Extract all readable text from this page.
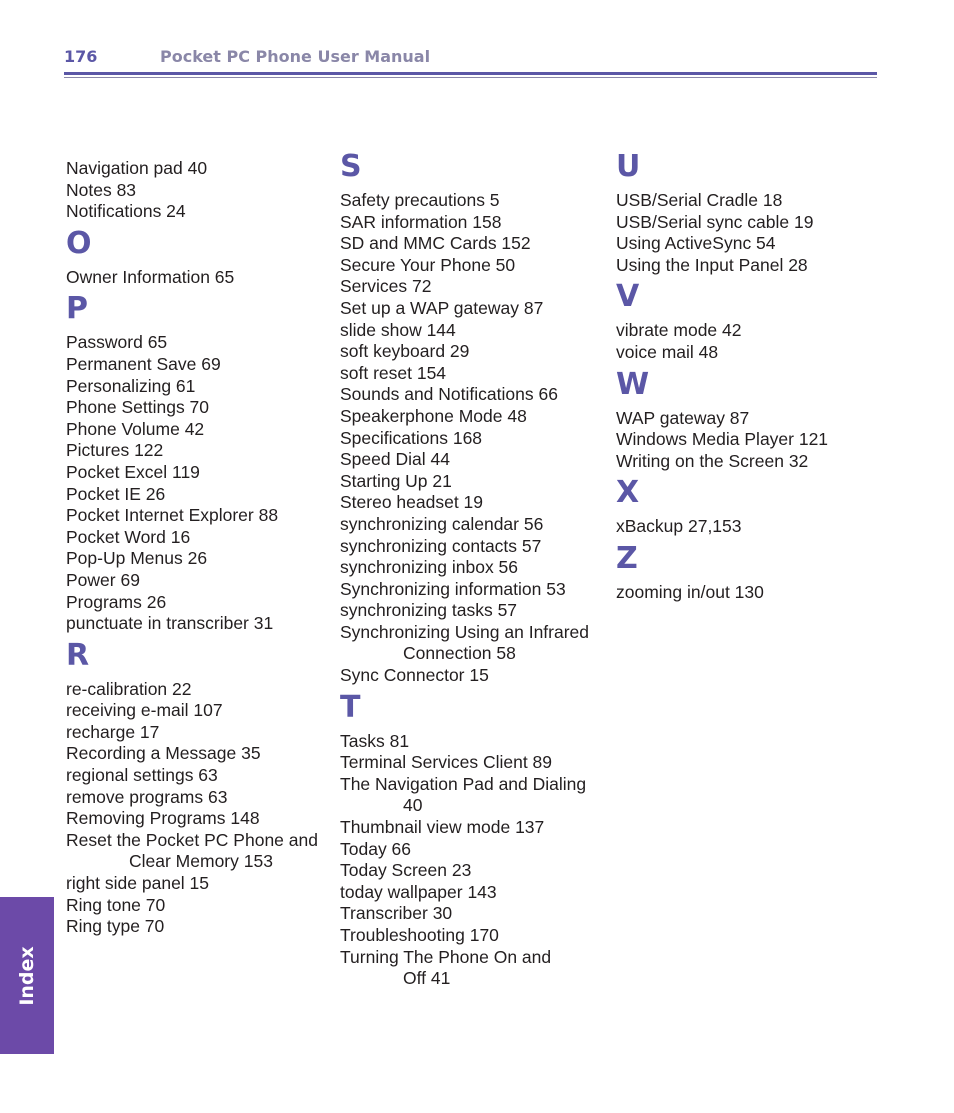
176	Pocket PC Phone User Manual
Navigation pad 40
Notes 83
Notifications 24
O
Owner Information 65
P
Password 65
Permanent Save 69
Personalizing 61
Phone Settings 70
Phone Volume 42
Pictures 122
Pocket Excel 119
Pocket IE 26
Pocket Internet Explorer 88
Pocket Word 16
Pop-Up Menus 26
Power 69
Programs 26
punctuate in transcriber 31
R
re-calibration 22
receiving e-mail 107
recharge 17
Recording a Message 35
regional settings 63
remove programs 63
Removing Programs 148
Reset the Pocket PC Phone and
Clear Memory 153
right side panel 15
Ring tone 70
Ring type 70
S
Safety precautions 5
SAR information 158
SD and MMC Cards 152
Secure Your Phone 50
Services 72
Set up a WAP gateway 87
slide show 144
soft keyboard 29
soft reset 154
Sounds and Notifications 66
Speakerphone Mode 48
Specifications 168
Speed Dial 44
Starting Up 21
Stereo headset 19
synchronizing calendar 56
synchronizing contacts 57
synchronizing inbox 56
Synchronizing information 53
synchronizing tasks 57
Synchronizing Using an Infrared
Connection 58
Sync Connector 15
T
Tasks 81
Terminal Services Client 89
The Navigation Pad and Dialing
40
Thumbnail view mode 137
Today 66
Today Screen 23
today wallpaper 143
Transcriber 30
Troubleshooting 170
Turning The Phone On and
Off 41
U
USB/Serial Cradle 18
USB/Serial sync cable 19
Using ActiveSync 54
Using the Input Panel 28
V
vibrate mode 42
voice mail 48
W
WAP gateway 87
Windows Media Player 121
Writing on the Screen 32
X
xBackup 27,153
Z
zooming in/out 130
Index
